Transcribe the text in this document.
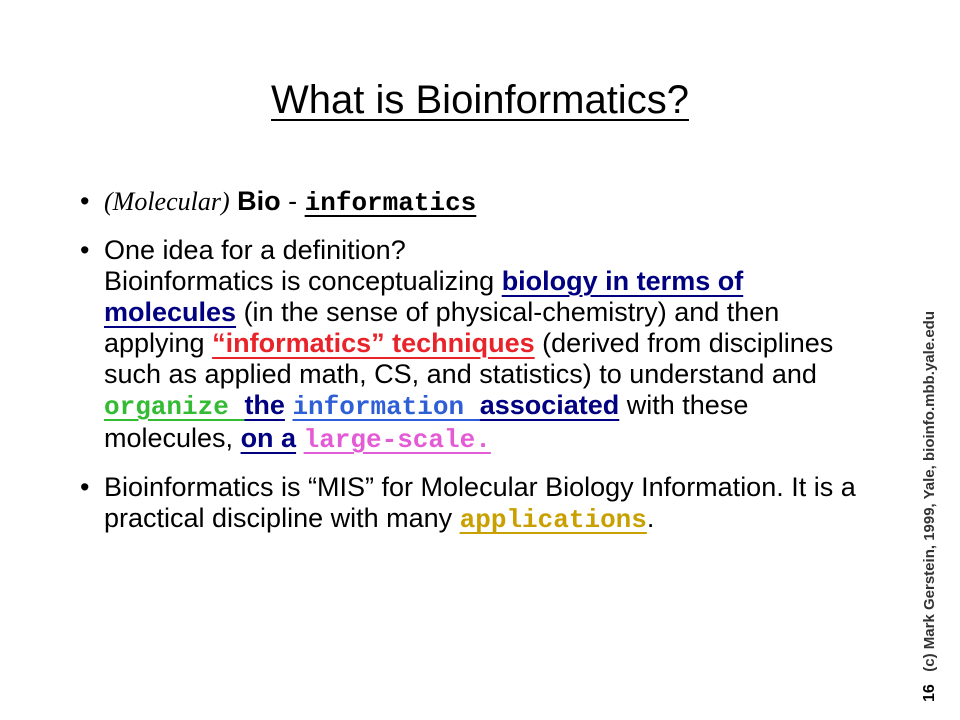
What is Bioinformatics?
• (Molecular) Bio - informatics
• One idea for a definition?
Bioinformatics is conceptualizing biology in terms of molecules (in the sense of physical-chemistry) and then applying “informatics” techniques (derived from disciplines such as applied math, CS, and statistics) to understand and organize the information associated with these molecules, on a large-scale.
• Bioinformatics is “MIS” for Molecular Biology Information. It is a practical discipline with many applications.
16   (c) Mark Gerstein, 1999, Yale, bioinfo.mbb.yale.edu
